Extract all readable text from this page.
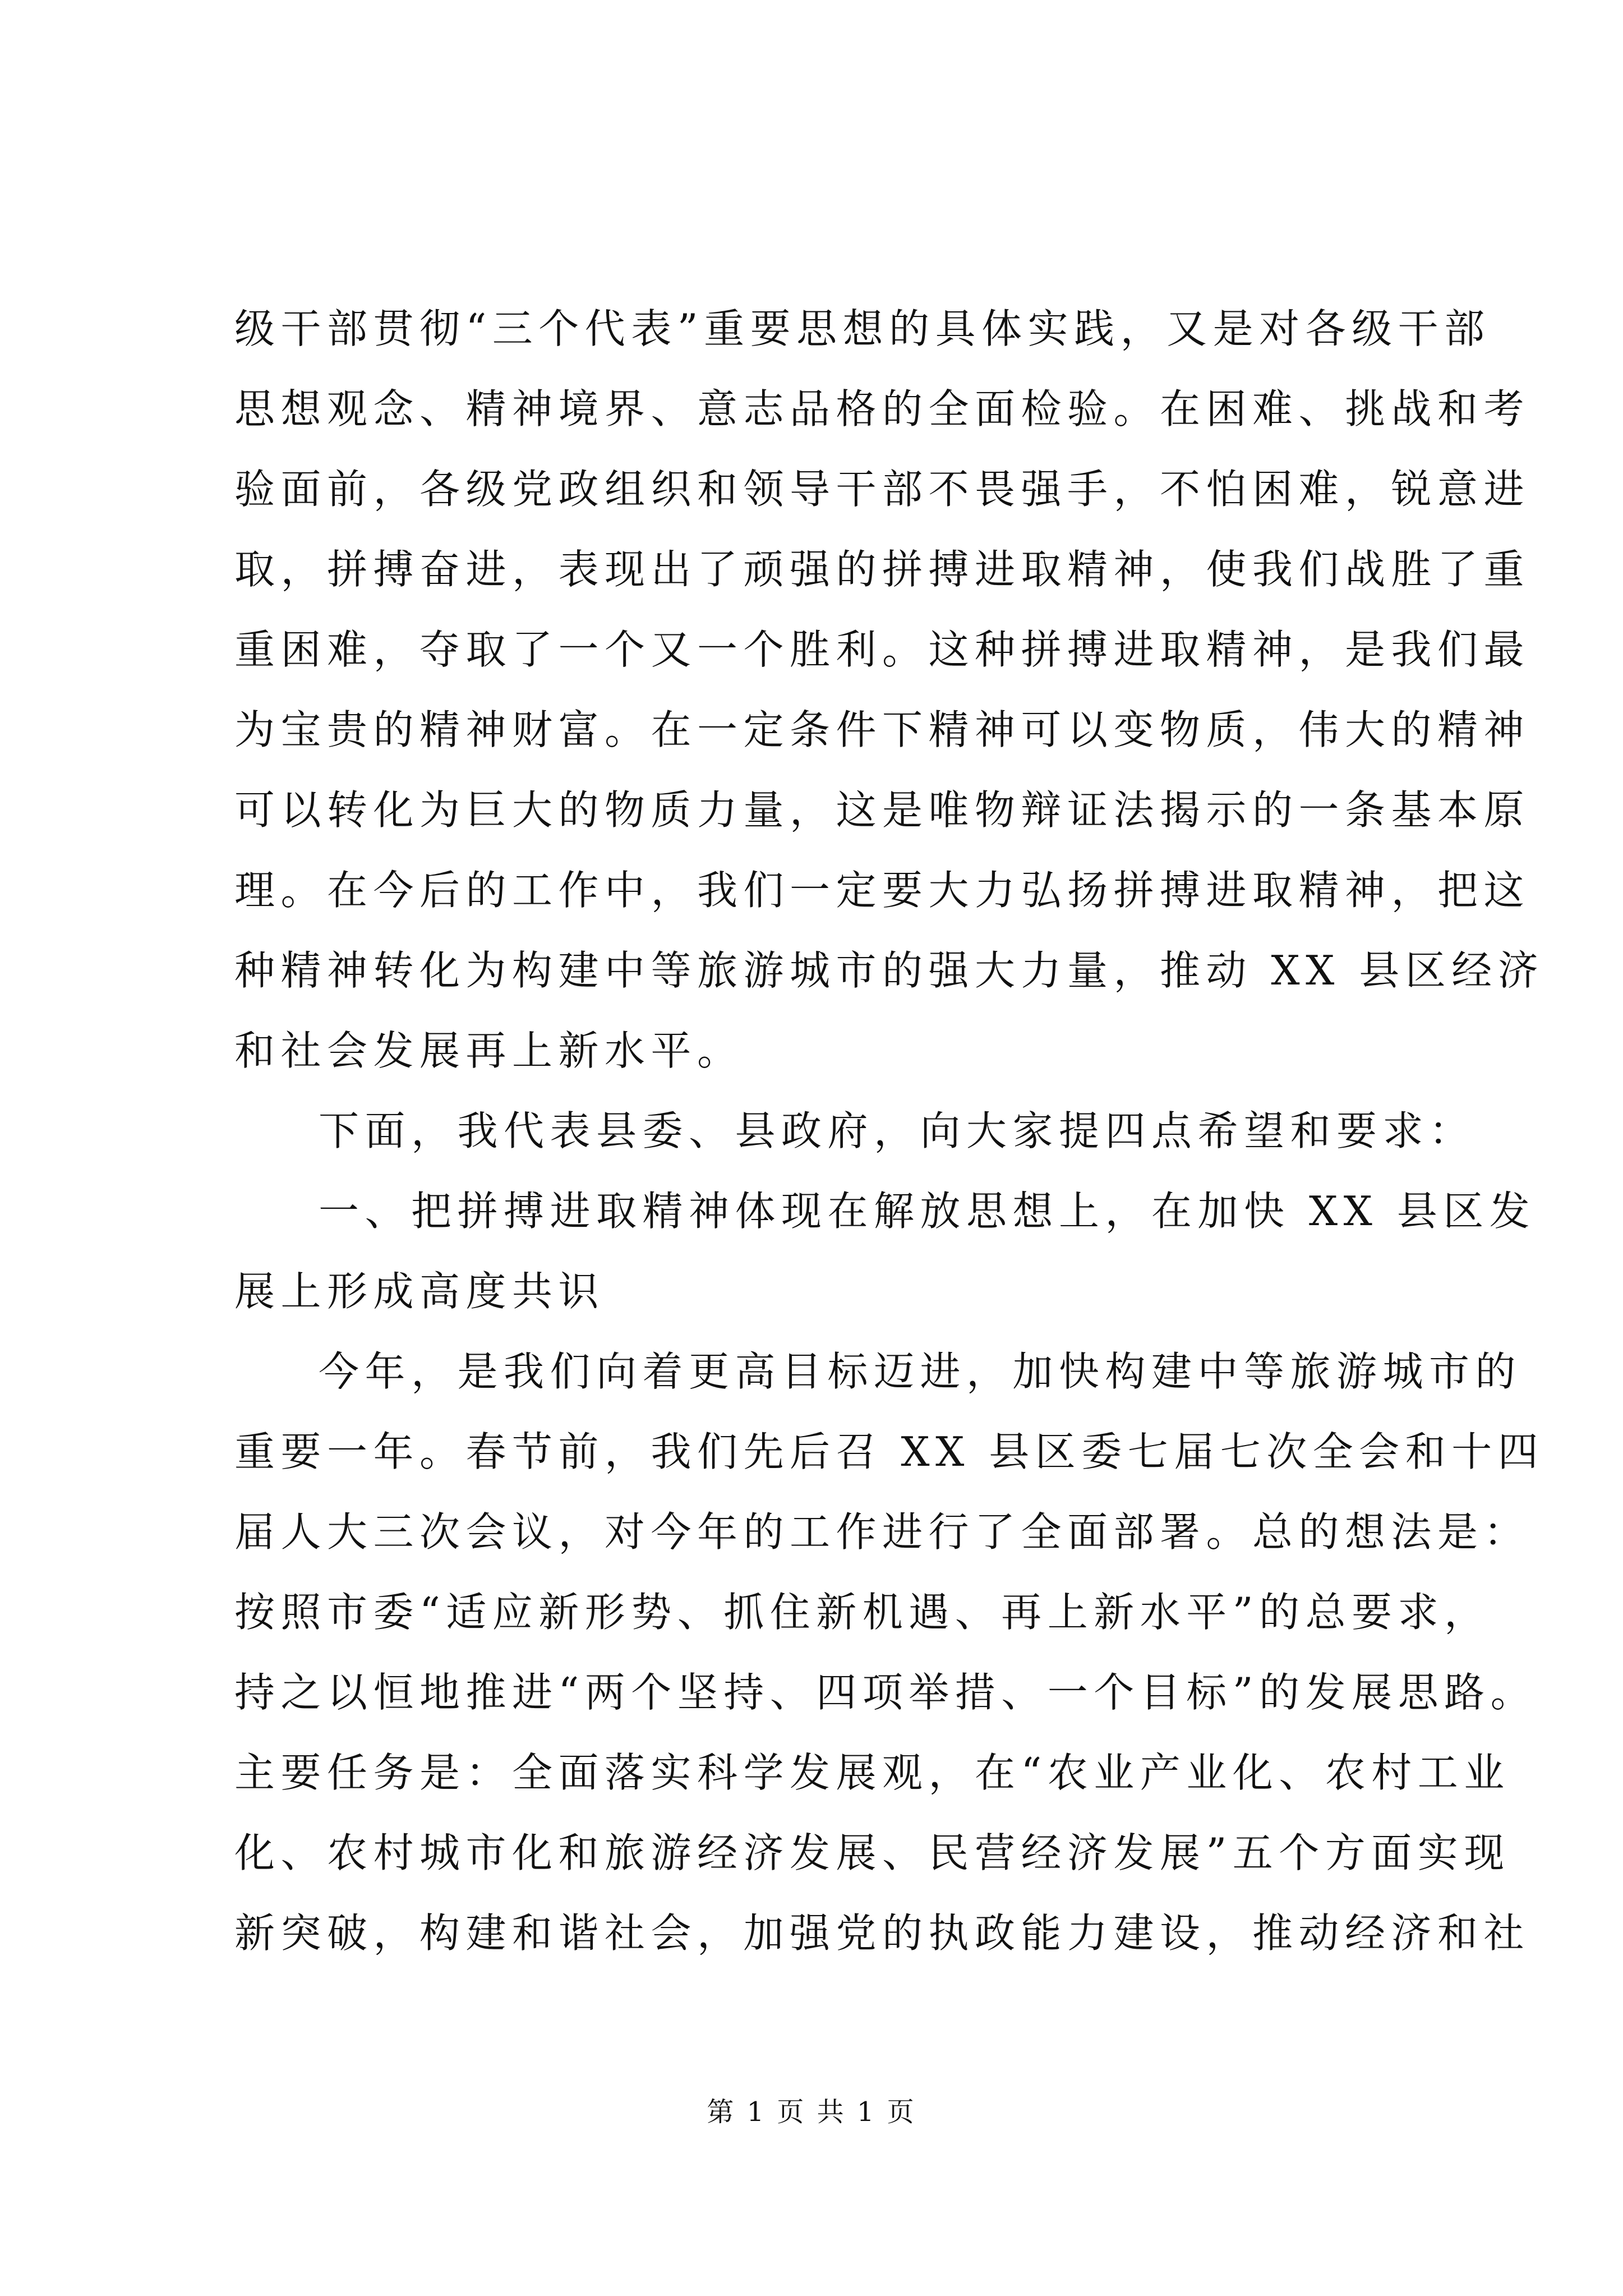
级干部贯彻“三个代表”重要思想的具体实践，又是对各级干部
思想观念、精神境界、意志品格的全面检验。在困难、挑战和考
验面前，各级党政组织和领导干部不畏强手，不怕困难，锐意进
取，拼搏奋进，表现出了顽强的拼搏进取精神，使我们战胜了重
重困难，夺取了一个又一个胜利。这种拼搏进取精神，是我们最
为宝贵的精神财富。在一定条件下精神可以变物质，伟大的精神
可以转化为巨大的物质力量，这是唯物辩证法揭示的一条基本原
理。在今后的工作中，我们一定要大力弘扬拼搏进取精神，把这
种精神转化为构建中等旅游城市的强大力量，推动 XX 县区经济
和社会发展再上新水平。
下面，我代表县委、县政府，向大家提四点希望和要求：
一、把拼搏进取精神体现在解放思想上，在加快 XX 县区发
展上形成高度共识
今年，是我们向着更高目标迈进，加快构建中等旅游城市的
重要一年。春节前，我们先后召 XX 县区委七届七次全会和十四
届人大三次会议，对今年的工作进行了全面部署。总的想法是：
按照市委“适应新形势、抓住新机遇、再上新水平”的总要求，
持之以恒地推进“两个坚持、四项举措、一个目标”的发展思路。
主要任务是：全面落实科学发展观，在“农业产业化、农村工业
化、农村城市化和旅游经济发展、民营经济发展”五个方面实现
新突破，构建和谐社会，加强党的执政能力建设，推动经济和社
第 1 页 共 1 页
